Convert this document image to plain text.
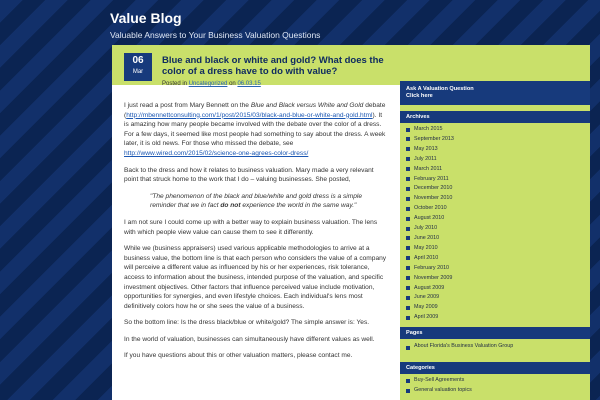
Value Blog
Valuable Answers to Your Business Valuation Questions
06
Mar
Blue and black or white and gold? What does the color of a dress have to do with value?
Posted in Uncategorized on 06.03.15

I just read a post from Mary Bennett on the Blue and Black versus White and Gold debate (http://mbennettconsulting.com/1/post/2015/03/black-and-blue-or-white-and-gold.html). It is amazing how many people became involved with the debate over the color of a dress. For a few days, it seemed like most people had something to say about the dress. A week later, it is old news. For those who missed the debate, see http://www.wired.com/2015/02/science-one-agrees-color-dress/

Back to the dress and how it relates to business valuation. Mary made a very relevant point that struck home to the work that I do – valuing businesses. She posted,

"The phenomenon of the black and blue/white and gold dress is a simple reminder that we in fact do not experience the world in the same way."

I am not sure I could come up with a better way to explain business valuation. The lens with which people view value can cause them to see it differently.

While we (business appraisers) used various applicable methodologies to arrive at a business value, the bottom line is that each person who considers the value of a company will perceive a different value as influenced by his or her experiences, risk tolerance, access to information about the business, intended purpose of the valuation, and specific investment objectives. Other factors that influence perceived value include motivation, opportunities for synergies, and even lifestyle choices. Each individual's lens most definitively colors how he or she sees the value of a business.

So the bottom line: Is the dress black/blue or white/gold? The simple answer is: Yes.

In the world of valuation, businesses can simultaneously have different values as well.

If you have questions about this or other valuation matters, please contact me.

Ask A Valuation Question
Click here
Archives
March 2015
September 2013
May 2013
July 2011
March 2011
February 2011
December 2010
November 2010
October 2010
August 2010
July 2010
June 2010
May 2010
April 2010
February 2010
November 2009
August 2009
June 2009
May 2009
April 2009
Pages
About Florida's Business Valuation Group
Categories
Buy-Sell Agreements
General valuation topics
